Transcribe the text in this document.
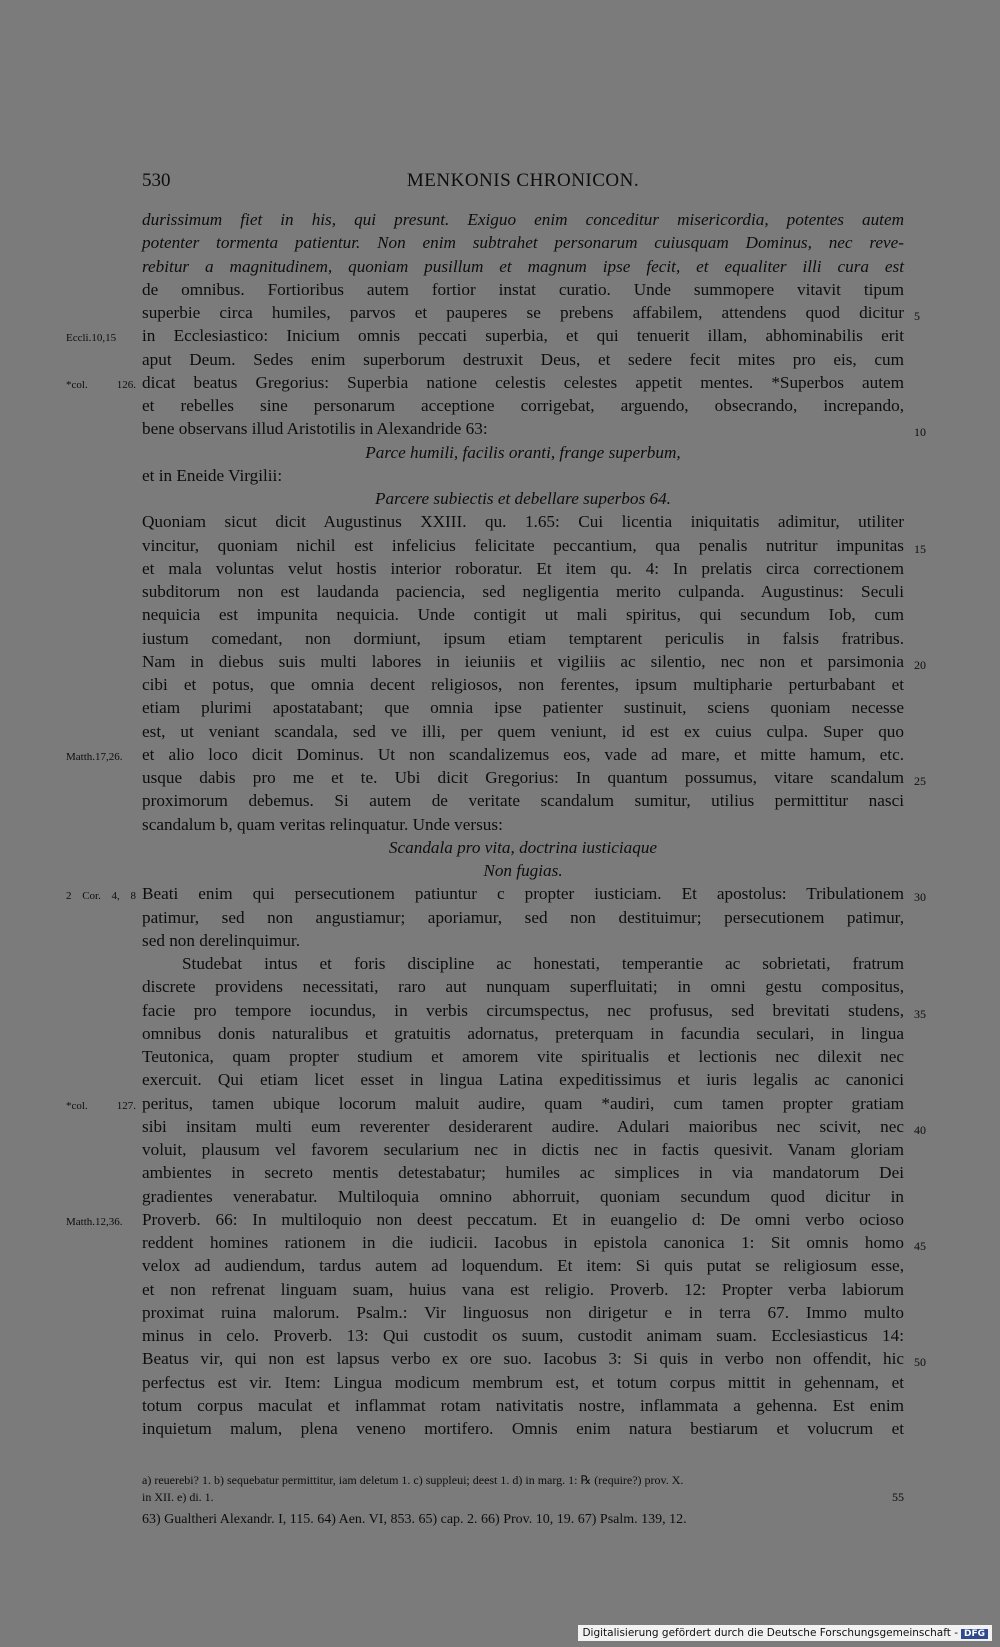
530	MENKONIS CHRONICON.
durissimum fiet in his, qui presunt. Exiguo enim conceditur misericordia, potentes autem
potenter tormenta patientur. Non enim subtrahet personarum cuiusquam Dominus, nec reve-
rebitur a magnitudinem, quoniam pusillum et magnum ipse fecit, et equaliter illi cura est
de omnibus. Fortioribus autem fortior instat curatio. Unde summopere vitavit tipum
superbie circa humiles, parvos et pauperes se prebens affabilem, attendens quod dicitur 5
Eccli.10,15	in Ecclesiastico: Inicium omnis peccati superbia, et qui tenuerit illam, abhominabilis erit
aput Deum. Sedes enim superborum destruxit Deus, et sedere fecit mites pro eis, cum
*col. 126. dicat beatus Gregorius: Superbia natione celestis celestes appetit mentes. *Superbos autem
et rebelles sine personarum acceptione corrigebat, arguendo, obsecrando, increpando,
bene observans illud Aristotilis in Alexandride 63:	10
Parce humili, facilis oranti, frange superbum,
et in Eneide Virgilii:
Parcere subiectis et debellare superbos 64.
Quoniam sicut dicit Augustinus XXIII. qu. 1.65: Cui licentia iniquitatis adimitur, utiliter
vincitur, quoniam nichil est infelicius felicitate peccantium, qua penalis nutritur impunitas 15
et mala voluntas velut hostis interior roboratur. Et item qu. 4: In prelatis circa correctionem
subditorum non est laudanda paciencia, sed negligentia merito culpanda. Augustinus: Seculi
nequicia est impunita nequicia. Unde contigit ut mali spiritus, qui secundum Iob, cum
iustum comedant, non dormiunt, ipsum etiam temptarent periculis in falsis fratribus.
Nam in diebus suis multi labores in ieiuniis et vigiliis ac silentio, nec non et parsimonia 20
cibi et potus, que omnia decent religiosos, non ferentes, ipsum multipharie perturbabant et
etiam plurimi apostatabant; que omnia ipse patienter sustinuit, sciens quoniam necesse
est, ut veniant scandala, sed ve illi, per quem veniunt, id est ex cuius culpa. Super quo
Matth.17,26.	et alio loco dicit Dominus. Ut non scandalizemus eos, vade ad mare, et mitte hamum, etc.
usque dabis pro me et te. Ubi dicit Gregorius: In quantum possumus, vitare scandalum 25
proximorum debemus. Si autem de veritate scandalum sumitur, utilius permittitur nasci
scandalum b, quam veritas relinquatur. Unde versus:
Scandala pro vita, doctrina iusticiaque
Non fugias.
2 Cor. 4, 8 Beati enim qui persecutionem patiuntur c propter iusticiam. Et apostolus: Tribulationem 30
patimur, sed non angustiamur; aporiamur, sed non destituimur; persecutionem patimur,
sed non derelinquimur.
Studebat intus et foris discipline ac honestati, temperantie ac sobrietati, fratrum
discrete providens necessitati, raro aut nunquam superfluitati; in omni gestu compositus,
facie pro tempore iocundus, in verbis circumspectus, nec profusus, sed brevitati studens, 35
omnibus donis naturalibus et gratuitis adornatus, preterquam in facundia seculari, in lingua
Teutonica, quam propter studium et amorem vite spiritualis et lectionis nec dilexit nec
exercuit. Qui etiam licet esset in lingua Latina expeditissimus et iuris legalis ac canonici
*col. 127. peritus, tamen ubique locorum maluit audire, quam *audiri, cum tamen propter gratiam
sibi insitam multi eum reverenter desiderarent audire. Adulari maioribus nec scivit, nec 40
voluit, plausum vel favorem secularium nec in dictis nec in factis quesivit. Vanam gloriam
ambientes in secreto mentis detestabatur; humiles ac simplices in via mandatorum Dei
gradientes venerabatur. Multiloquia omnino abhorruit, quoniam secundum quod dicitur in
Matth.12,36.	Proverb. 66: In multiloquio non deest peccatum. Et in euangelio d: De omni verbo ocioso
reddent homines rationem in die iudicii. Iacobus in epistola canonica 1: Sit omnis homo 45
velox ad audiendum, tardus autem ad loquendum. Et item: Si quis putat se religiosum esse,
et non refrenat linguam suam, huius vana est religio. Proverb. 12: Propter verba labiorum
proximat ruina malorum. Psalm.: Vir linguosus non dirigetur e in terra 67. Immo multo
minus in celo. Proverb. 13: Qui custodit os suum, custodit animam suam. Ecclesiasticus 14:
Beatus vir, qui non est lapsus verbo ex ore suo. Iacobus 3: Si quis in verbo non offendit, hic 50
perfectus est vir. Item: Lingua modicum membrum est, et totum corpus mittit in gehennam, et
totum corpus maculat et inflammat rotam nativitatis nostre, inflammata a gehenna. Est enim
inquietum malum, plena veneno mortifero. Omnis enim natura bestiarum et volucrum et
a) reuerebi? 1. b) sequebatur permittitur, iam deletum 1. c) suppleui; deest 1. d) in marg. 1: ℞ (require?) prov. X.
in XII. e) di. 1.	55
63) Gualtheri Alexandr. I, 115. 64) Aen. VI, 853. 65) cap. 2. 66) Prov. 10, 19. 67) Psalm. 139, 12.
Digitalisierung gefördert durch die Deutsche Forschungsgemeinschaft - DFG
